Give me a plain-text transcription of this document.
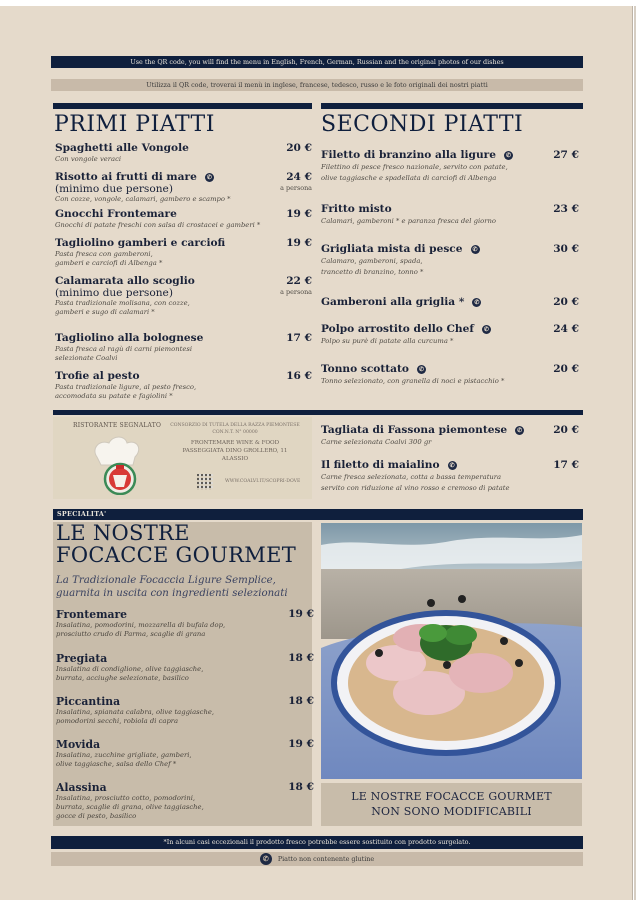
Use the QR code, you will find the menu in English, French, German, Russian and the original photos of our dishes
Utilizza il QR code, troverai il menù in inglese, francese, tedesco, russo e le foto originali dei nostri piatti
PRIMI PIATTI
Spaghetti alle Vongole
Con vongole veraci
20 €
Risotto ai frutti di mare ✆
(minimo due persone)
Con cozze, vongole, calamari, gambero e scampo *
24 €
a persona
Gnocchi Frontemare
Gnocchi di patate freschi con salsa di crostacei e gamberi *
19 €
Tagliolino gamberi e carciofi
Pasta fresca con gamberoni,
gamberi e carciofi di Albenga *
19 €
Calamarata allo scoglio
(minimo due persone)
Pasta tradizionale molisana, con cozze,
gamberi e sugo di calamari *
22 €
a persona
Tagliolino alla bolognese
Pasta fresca al ragù di carni piemontesi
selezionate Coalvi
17 €
Trofie al pesto
Pasta tradizionale ligure, al pesto fresco,
accomodata su patate e fagiolini *
16 €
SECONDI PIATTI
Filetto di branzino alla ligure ✆
Filettino di pesce fresco nazionale, servito con patate,
olive taggiasche e spadellata di carciofi di Albenga
27 €
Fritto misto
Calamari, gamberoni * e paranza fresca del giorno
23 €
Grigliata mista di pesce ✆
Calamaro, gamberoni, spada,
trancetto di branzino, tonno *
30 €
Gamberoni alla griglia * ✆	20 €
Polpo arrostito dello Chef ✆
Polpo su purè di patate alla curcuma *
24 €
Tonno scottato ✆
Tonno selezionato, con granella di noci e pistacchio *
20 €
RISTORANTE SEGNALATO	CONSORZIO DI TUTELA DELLA RAZZA PIEMONTESE
CON.N.T. N° 00000
FRONTEMARE WINE & FOOD
PASSEGGIATA DINO GROLLERO, 11
ALASSIO
WWW.COALVI.IT/SCOPRI-DOVE
Tagliata di Fassona piemontese ✆
Carne selezionata Coalvi 300 gr
20 €
Il filetto di maialino ✆
Carne fresca selezionata, cotta a bassa temperatura
servito con riduzione al vino rosso e cremoso di patate
17 €
SPECIALITA'
LE NOSTRE
FOCACCE GOURMET
La Tradizionale Focaccia Ligure Semplice,
guarnita in uscita con ingredienti selezionati
Frontemare
Insalatina, pomodorini, mozzarella di bufala dop,
prosciutto crudo di Parma, scaglie di grana
19 €
Pregiata
Insalatina di condiglione, olive taggiasche,
burrata, acciughe selezionate, basilico
18 €
Piccantina
Insalatina, spianata calabra, olive taggiasche,
pomodorini secchi, robiola di capra
18 €
Movida
Insalatina, zucchine grigliate, gamberi,
olive taggiasche, salsa dello Chef *
19 €
Alassina
Insalatina, prosciutto cotto, pomodorini,
burrata, scaglie di grana, olive taggiasche,
gocce di pesto, basilico
18 €
LE NOSTRE FOCACCE GOURMET
NON SONO MODIFICABILI
*In alcuni casi eccezionali il prodotto fresco potrebbe essere sostituito con prodotto surgelato.
✆ Piatto non contenente glutine
